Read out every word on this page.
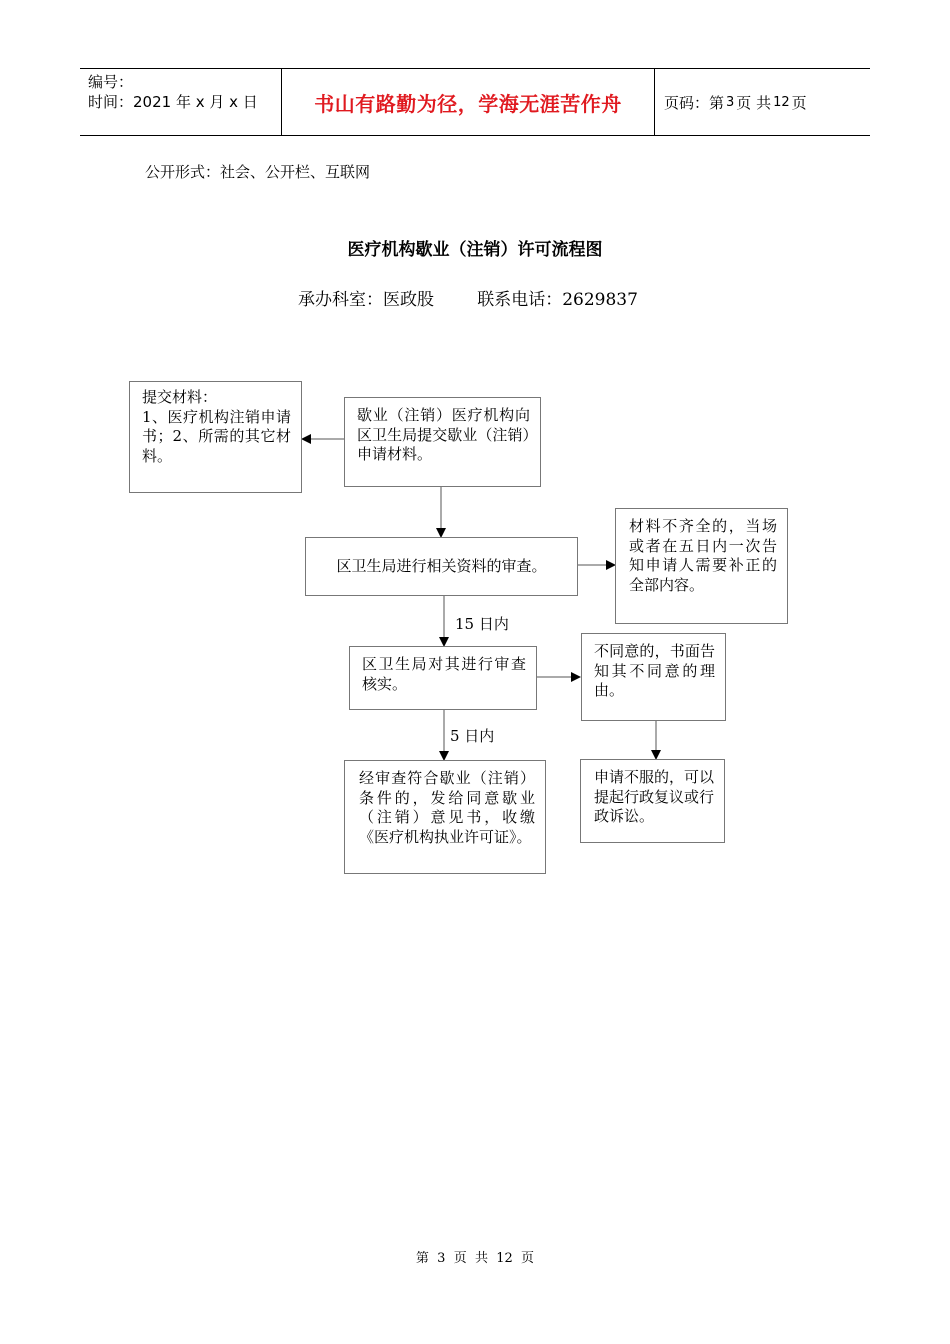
编号：
时间：2021 年 x 月 x 日	书山有路勤为径，学海无涯苦作舟	页码：第 3 页 共 12 页
公开形式：社会、公开栏、互联网
医疗机构歇业（注销）许可流程图
承办科室：医政股        联系电话：2629837
提交材料：
1、医疗机构注销申请书；2、所需的其它材料。
歇业（注销）医疗机构向区卫生局提交歇业（注销）申请材料。
区卫生局进行相关资料的审查。
材料不齐全的，当场或者在五日内一次告知申请人需要补正的全部内容。
15 日内
区卫生局对其进行审查核实。
不同意的，书面告知其不同意的理由。
5 日内
经审查符合歇业（注销）条件的，发给同意歇业（注销）意见书，收缴《医疗机构执业许可证》。
申请不服的，可以提起行政复议或行政诉讼。
第  3  页  共  12  页
